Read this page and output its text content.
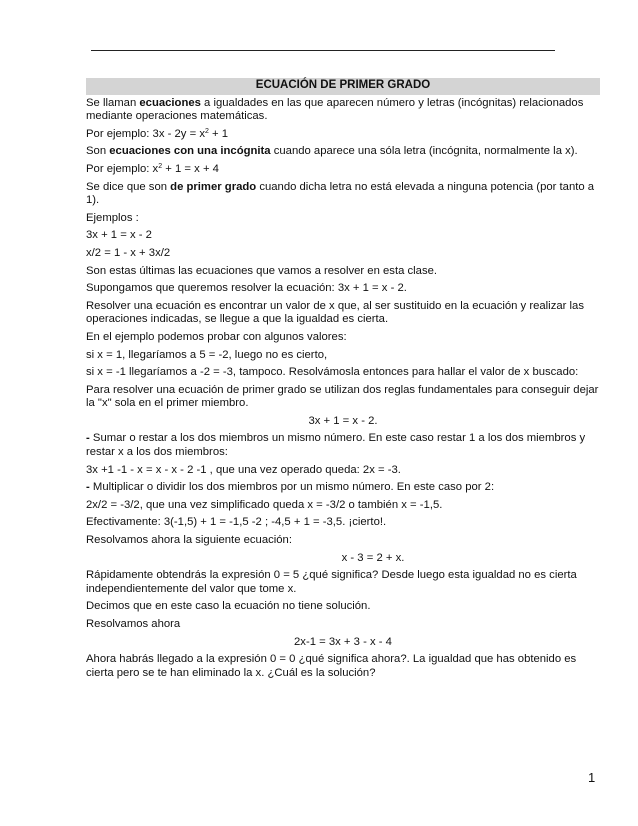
ECUACIÓN DE PRIMER GRADO

Se llaman ecuaciones a igualdades en las que aparecen número y letras (incógnitas) relacionados mediante operaciones matemáticas.

Por ejemplo: $3x - 2y = x^2 + 1$

Son ecuaciones con una incógnita cuando aparece una sóla letra (incógnita, normalmente la x).

Por ejemplo: $x^2 + 1 = x + 4$

Se dice que son de primer grado cuando dicha letra no está elevada a ninguna potencia (por tanto a 1).

Ejemplos :

3x + 1 = x - 2

x/2 = 1 - x + 3x/2

Son estas últimas las ecuaciones que vamos a resolver en esta clase.

Supongamos que queremos resolver la ecuación: 3x + 1 = x - 2.

Resolver una ecuación es encontrar un valor de x que, al ser sustituido en la ecuación y realizar las operaciones indicadas, se llegue a que la igualdad es cierta.

En el ejemplo podemos probar con algunos valores:

si x = 1, llegaríamos a 5 = -2, luego no es cierto,

si x = -1 llegaríamos a -2 = -3, tampoco. Resolvámosla entonces para hallar el valor de x buscado:

Para resolver una ecuación de primer grado se utilizan dos reglas fundamentales para conseguir dejar la "x" sola en el primer miembro.

3x + 1 = x - 2.

- Sumar o restar a los dos miembros un mismo número. En este caso restar 1 a los dos miembros y restar x a los dos miembros:

3x +1 -1 - x = x - x - 2 -1 , que una vez operado queda: 2x = -3.

- Multiplicar o dividir los dos miembros por un mismo número. En este caso por 2:

2x/2 = -3/2, que una vez simplificado queda x = -3/2 o también x = -1,5.

Efectivamente: 3(-1,5) + 1 = -1,5 -2 ; -4,5 + 1 = -3,5. ¡cierto!.

Resolvamos ahora la siguiente ecuación:

x - 3 = 2 + x.

Rápidamente obtendrás la expresión 0 = 5 ¿qué significa? Desde luego esta igualdad no es cierta independientemente del valor que tome x.

Decimos que en este caso la ecuación no tiene solución.

Resolvamos ahora

2x-1 = 3x + 3 - x - 4

Ahora habrás llegado a la expresión 0 = 0 ¿qué significa ahora?. La igualdad que has obtenido es cierta pero se te han eliminado la x. ¿Cuál es la solución?

1
